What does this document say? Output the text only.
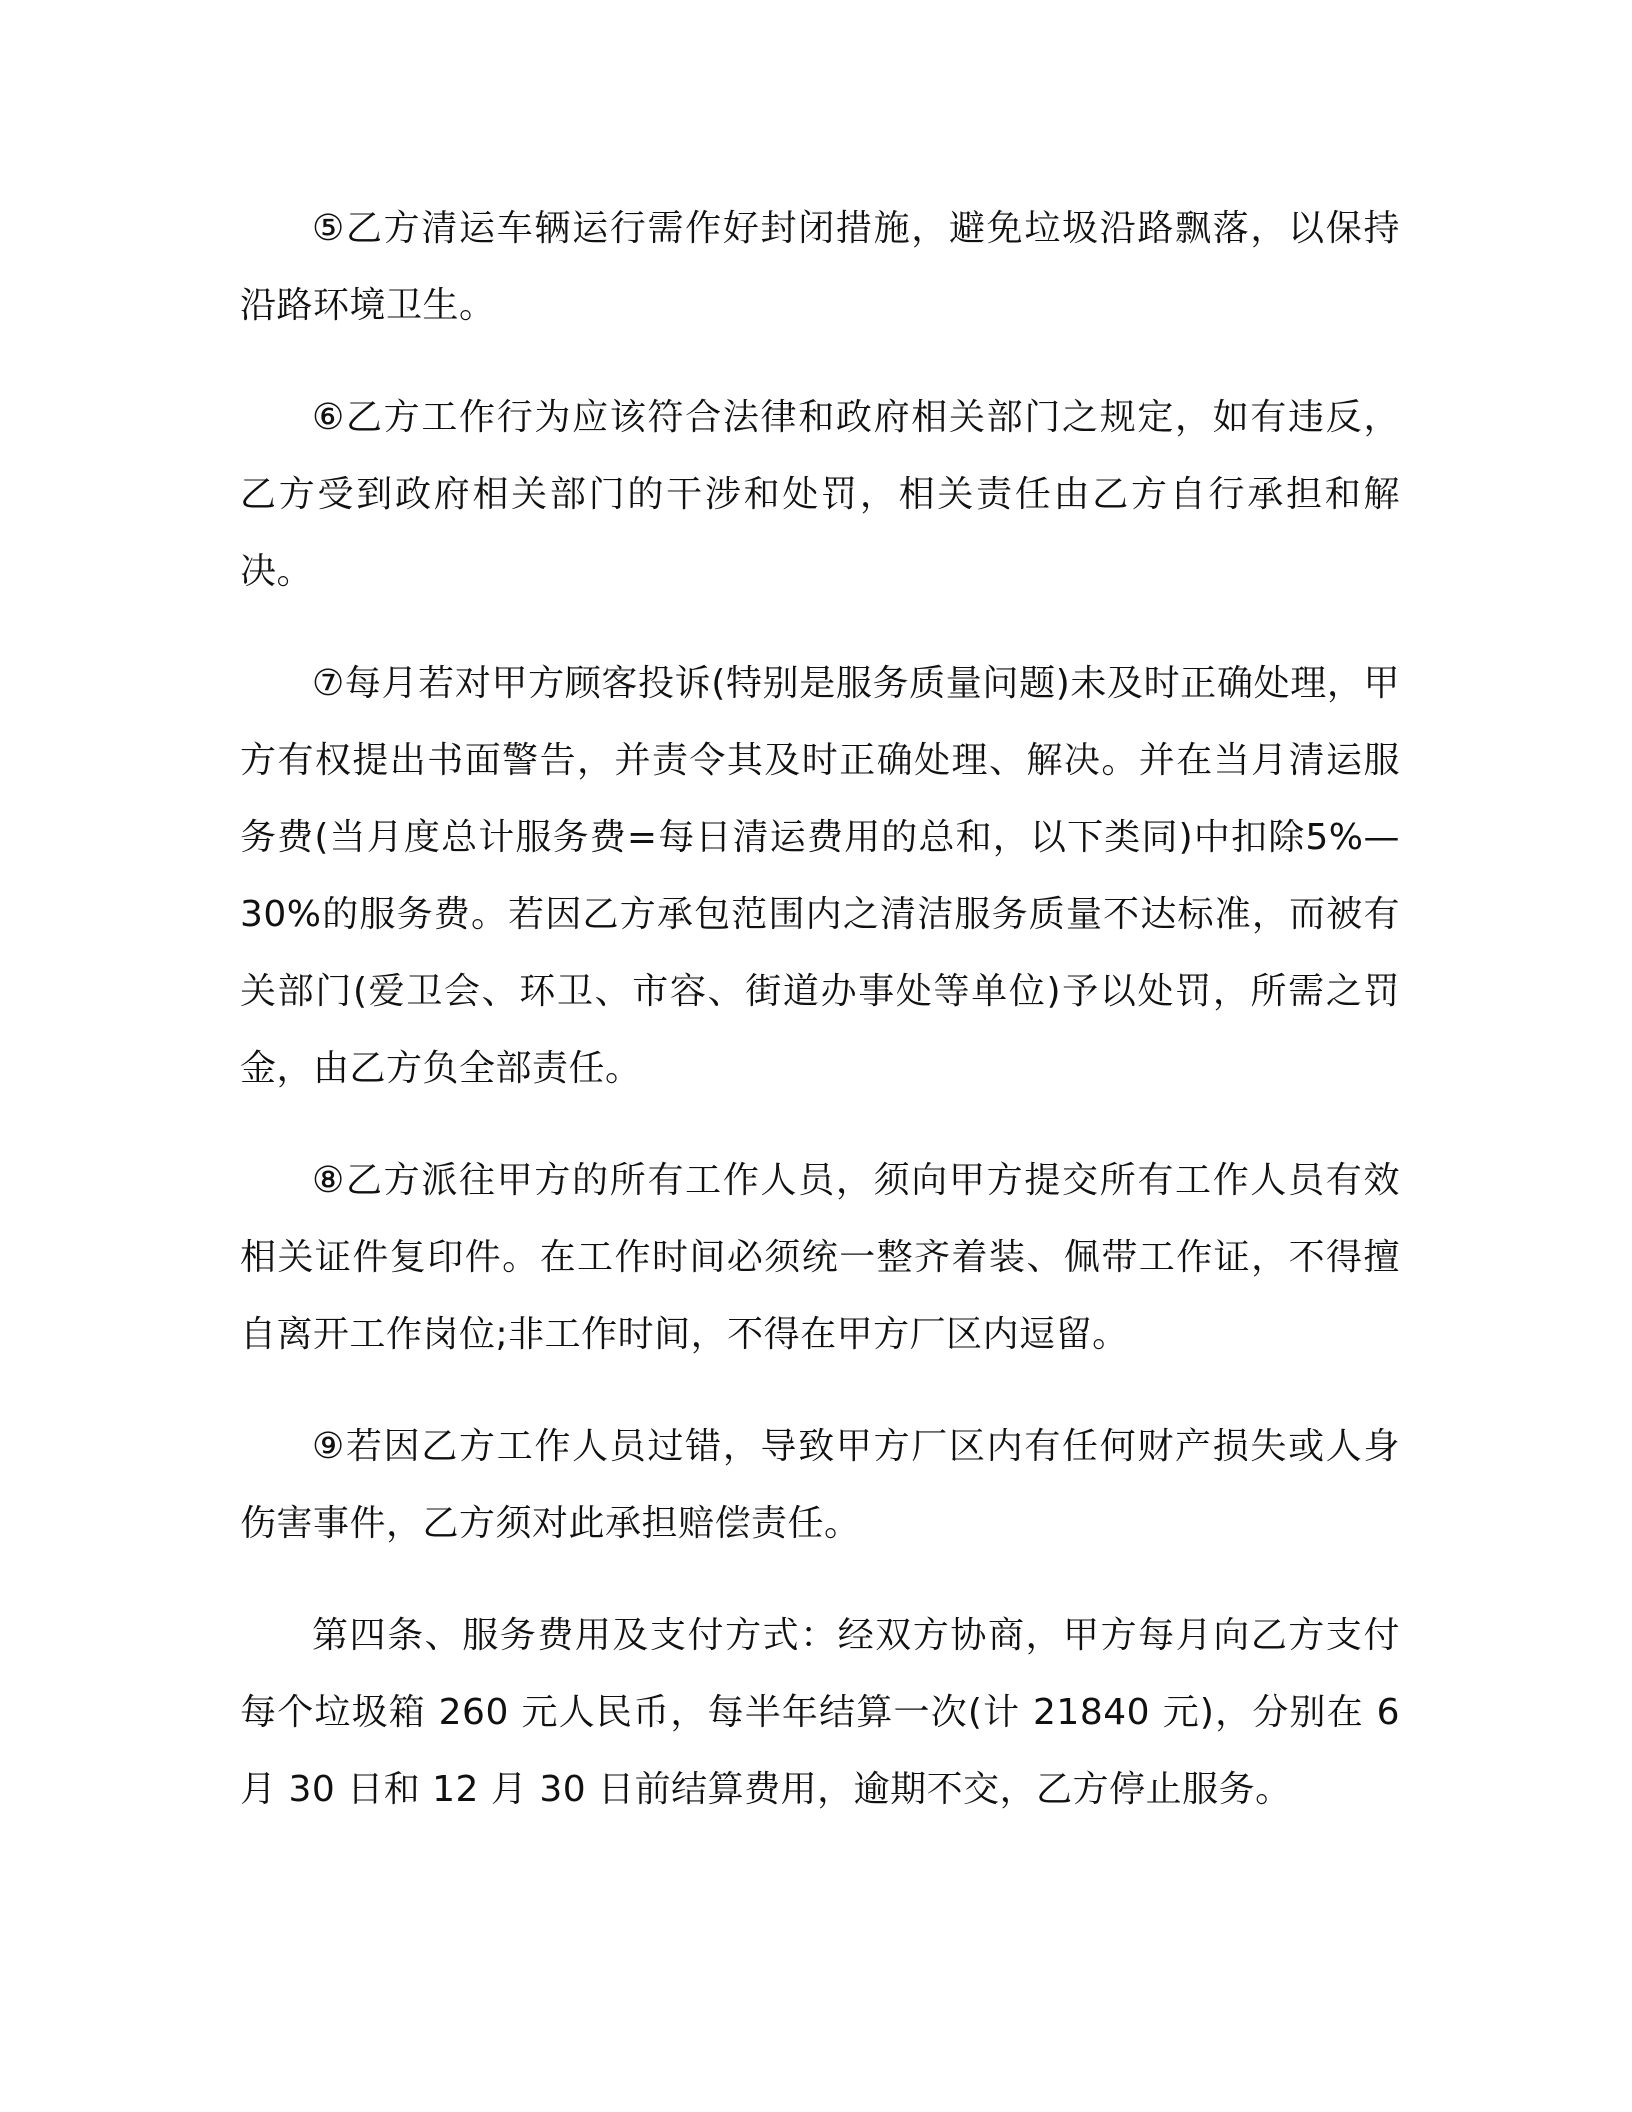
⑤乙方清运车辆运行需作好封闭措施，避免垃圾沿路飘落，以保持沿路环境卫生。

⑥乙方工作行为应该符合法律和政府相关部门之规定，如有违反，乙方受到政府相关部门的干涉和处罚，相关责任由乙方自行承担和解决。

⑦每月若对甲方顾客投诉(特别是服务质量问题)未及时正确处理，甲方有权提出书面警告，并责令其及时正确处理、解决。并在当月清运服务费(当月度总计服务费=每日清运费用的总和，以下类同)中扣除5%—30%的服务费。若因乙方承包范围内之清洁服务质量不达标准，而被有关部门(爱卫会、环卫、市容、街道办事处等单位)予以处罚，所需之罚金，由乙方负全部责任。

⑧乙方派往甲方的所有工作人员，须向甲方提交所有工作人员有效相关证件复印件。在工作时间必须统一整齐着装、佩带工作证，不得擅自离开工作岗位;非工作时间，不得在甲方厂区内逗留。

⑨若因乙方工作人员过错，导致甲方厂区内有任何财产损失或人身伤害事件，乙方须对此承担赔偿责任。

第四条、服务费用及支付方式：经双方协商，甲方每月向乙方支付每个垃圾箱 260 元人民币，每半年结算一次(计 21840 元)，分别在 6 月 30 日和 12 月 30 日前结算费用，逾期不交，乙方停止服务。
